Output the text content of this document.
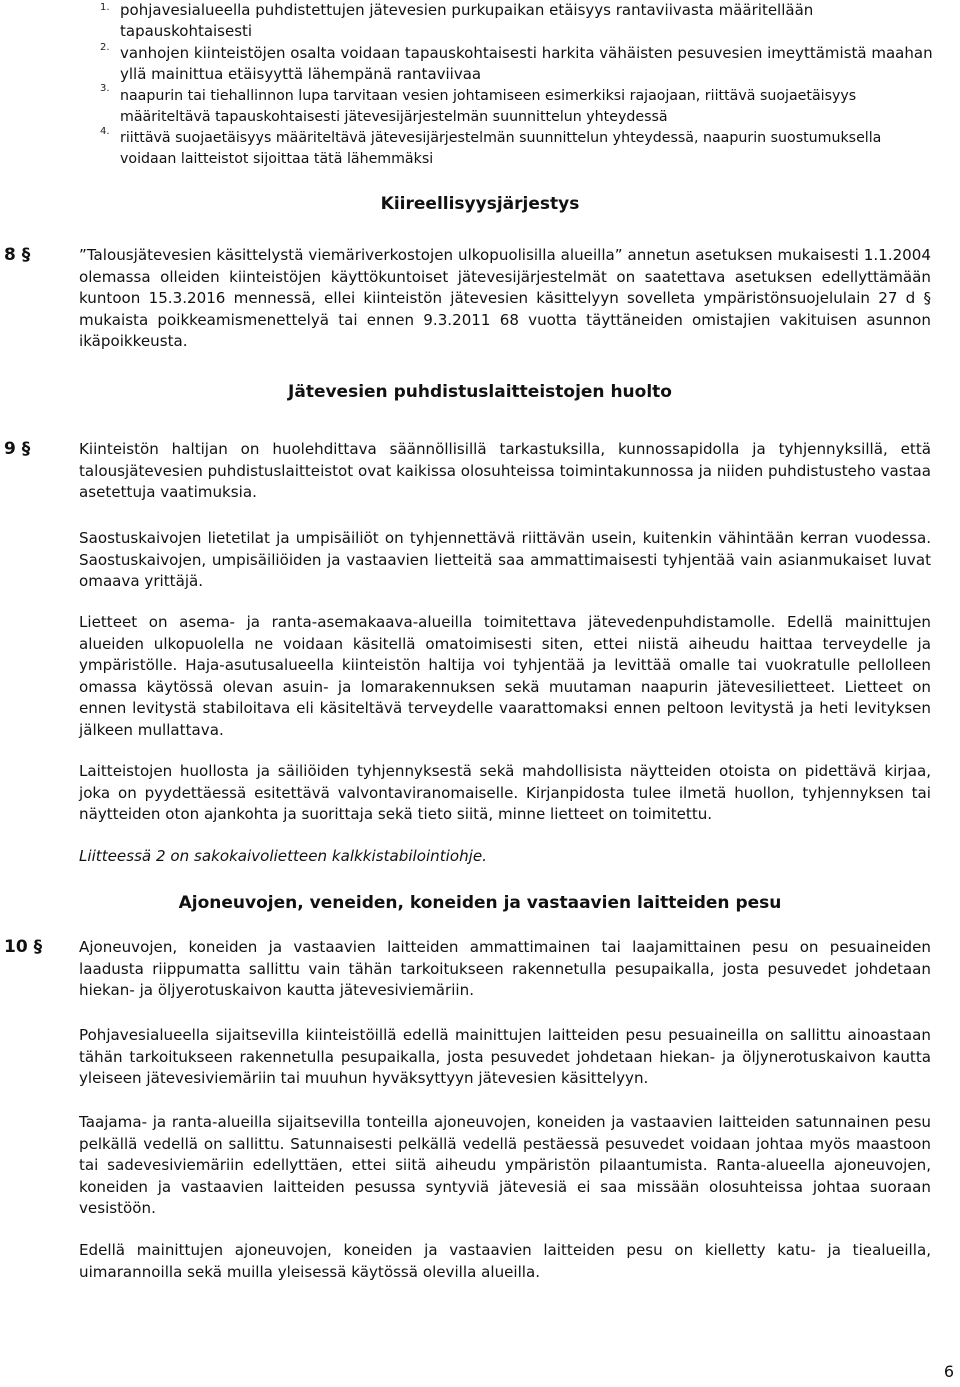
1. pohjavesialueella puhdistettujen jätevesien purkupaikan etäisyys rantaviivasta määritellään tapauskohtaisesti

2. vanhojen kiinteistöjen osalta voidaan tapauskohtaisesti harkita vähäisten pesuvesien imeyttämistä maahan yllä mainittua etäisyyttä lähempänä rantaviivaa

3. naapurin tai tiehallinnon lupa tarvitaan vesien johtamiseen esimerkiksi rajaojaan, riittävä suojaetäisyys määriteltävä tapauskohtaisesti jätevesijärjestelmän suunnittelun yhteydessä

4. riittävä suojaetäisyys määriteltävä jätevesijärjestelmän suunnittelun yhteydessä, naapurin suostumuksella voidaan laitteistot sijoittaa tätä lähemmäksi

Kiireellisyysjärjestys
8 §	”Talousjätevesien käsittelystä viemäriverkostojen ulkopuolisilla alueilla” annetun asetuksen mukaisesti 1.1.2004 olemassa olleiden kiinteistöjen käyttökuntoiset jätevesijärjestelmät on saatettava asetuksen edellyttämään kuntoon 15.3.2016 mennessä, ellei kiinteistön jätevesien käsittelyyn sovelleta ympäristönsuojelulain 27 d § mukaista poikkeamismenettelyä tai ennen 9.3.2011 68 vuotta täyttäneiden omistajien vakituisen asunnon ikäpoikkeusta.

Jätevesien puhdistuslaitteistojen huolto
9 §	Kiinteistön haltijan on huolehdittava säännöllisillä tarkastuksilla, kunnossapidolla ja tyhjennyksillä, että talousjätevesien puhdistuslaitteistot ovat kaikissa olosuhteissa toimintakunnossa ja niiden puhdistusteho vastaa asetettuja vaatimuksia.

Saostuskaivojen lietetilat ja umpisäiliöt on tyhjennettävä riittävän usein, kuitenkin vähintään kerran vuodessa. Saostuskaivojen, umpisäiliöiden ja vastaavien lietteitä saa ammattimaisesti tyhjentää vain asianmukaiset luvat omaava yrittäjä.

Lietteet on asema- ja ranta-asemakaava-alueilla toimitettava jätevedenpuhdistamolle. Edellä mainittujen alueiden ulkopuolella ne voidaan käsitellä omatoimisesti siten, ettei niistä aiheudu haittaa terveydelle ja ympäristölle. Haja-asutusalueella kiinteistön haltija voi tyhjentää ja levittää omalle tai vuokratulle pellolleen omassa käytössä olevan asuin- ja lomarakennuksen sekä muutaman naapurin jätevesilietteet. Lietteet on ennen levitystä stabiloitava eli käsiteltävä terveydelle vaarattomaksi ennen peltoon levitystä ja heti levityksen jälkeen mullattava.

Laitteistojen huollosta ja säiliöiden tyhjennyksestä sekä mahdollisista näytteiden otoista on pidettävä kirjaa, joka on pyydettäessä esitettävä valvontaviranomaiselle. Kirjanpidosta tulee ilmetä huollon, tyhjennyksen tai näytteiden oton ajankohta ja suorittaja sekä tieto siitä, minne lietteet on toimitettu.

Liitteessä 2 on sakokaivolietteen kalkkistabilointiohje.

Ajoneuvojen, veneiden, koneiden ja vastaavien laitteiden pesu
10 § Ajoneuvojen, koneiden ja vastaavien laitteiden ammattimainen tai laajamittainen pesu on pesuaineiden laadusta riippumatta sallittu vain tähän tarkoitukseen rakennetulla pesupaikalla, josta pesuvedet johdetaan hiekan- ja öljyerotuskaivon kautta jätevesiviemäriin.

Pohjavesialueella sijaitsevilla kiinteistöillä edellä mainittujen laitteiden pesu pesuaineilla on sallittu ainoastaan tähän tarkoitukseen rakennetulla pesupaikalla, josta pesuvedet johdetaan hiekan- ja öljynerotuskaivon kautta yleiseen jätevesiviemäriin tai muuhun hyväksyttyyn jätevesien käsittelyyn.

Taajama- ja ranta-alueilla sijaitsevilla tonteilla ajoneuvojen, koneiden ja vastaavien laitteiden satunnainen pesu pelkällä vedellä on sallittu. Satunnaisesti pelkällä vedellä pestäessä pesuvedet voidaan johtaa myös maastoon tai sadevesiviemäriin edellyttäen, ettei siitä aiheudu ympäristön pilaantumista. Ranta-alueella ajoneuvojen, koneiden ja vastaavien laitteiden pesussa syntyviä jätevesiä ei saa missään olosuhteissa johtaa suoraan vesistöön.

Edellä mainittujen ajoneuvojen, koneiden ja vastaavien laitteiden pesu on kielletty katu- ja tiealueilla, uimarannoilla sekä muilla yleisessä käytössä olevilla alueilla.

6
